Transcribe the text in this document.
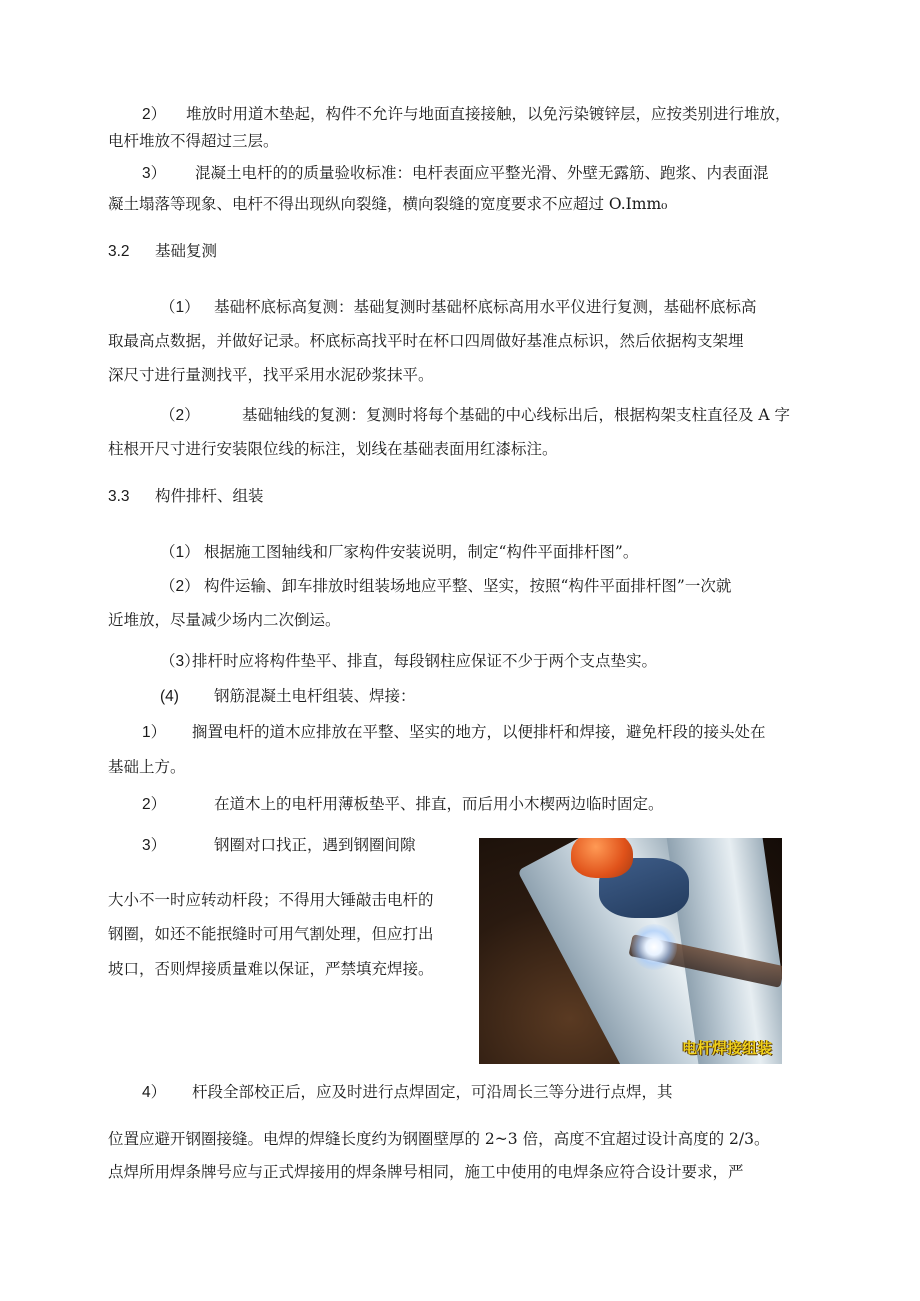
2） 堆放时用道木垫起，构件不允许与地面直接接触，以免污染镀锌层，应按类别进行堆放，
电杆堆放不得超过三层。
3） 混凝土电杆的的质量验收标准：电杆表面应平整光滑、外壁无露筋、跑浆、内表面混
凝土塌落等现象、电杆不得出现纵向裂缝，横向裂缝的宽度要求不应超过 O.Imm₀
3.2 基础复测
（1） 基础杯底标高复测：基础复测时基础杯底标高用水平仪进行复测，基础杯底标高
取最高点数据，并做好记录。杯底标高找平时在杯口四周做好基准点标识，然后依据构支架埋
深尺寸进行量测找平，找平采用水泥砂浆抹平。
（2）	基础轴线的复测：复测时将每个基础的中心线标出后，根据构架支柱直径及 A 字
柱根开尺寸进行安装限位线的标注，划线在基础表面用红漆标注。
3.3 构件排杆、组装
（1） 根据施工图轴线和厂家构件安装说明，制定“构件平面排杆图”。
（2） 构件运输、卸车排放时组装场地应平整、坚实，按照“构件平面排杆图”一次就
近堆放，尽量减少场内二次倒运。
（3）排杆时应将构件垫平、排直，每段钢柱应保证不少于两个支点垫实。
(4) 钢筋混凝土电杆组装、焊接：
1） 搁置电杆的道木应排放在平整、坚实的地方，以便排杆和焊接，避免杆段的接头处在
基础上方。
2）	在道木上的电杆用薄板垫平、排直，而后用小木楔两边临时固定。
3）	钢圈对口找正，遇到钢圈间隙
大小不一时应转动杆段；不得用大锤敲击电杆的
钢圈，如还不能抿缝时可用气割处理，但应打出
坡口，否则焊接质量难以保证，严禁填充焊接。
电杆焊接组装
4） 杆段全部校正后，应及时进行点焊固定，可沿周长三等分进行点焊，其
位置应避开钢圈接缝。电焊的焊缝长度约为钢圈壁厚的 2~3 倍，高度不宜超过设计高度的 2/3。
点焊所用焊条牌号应与正式焊接用的焊条牌号相同，施工中使用的电焊条应符合设计要求，严
